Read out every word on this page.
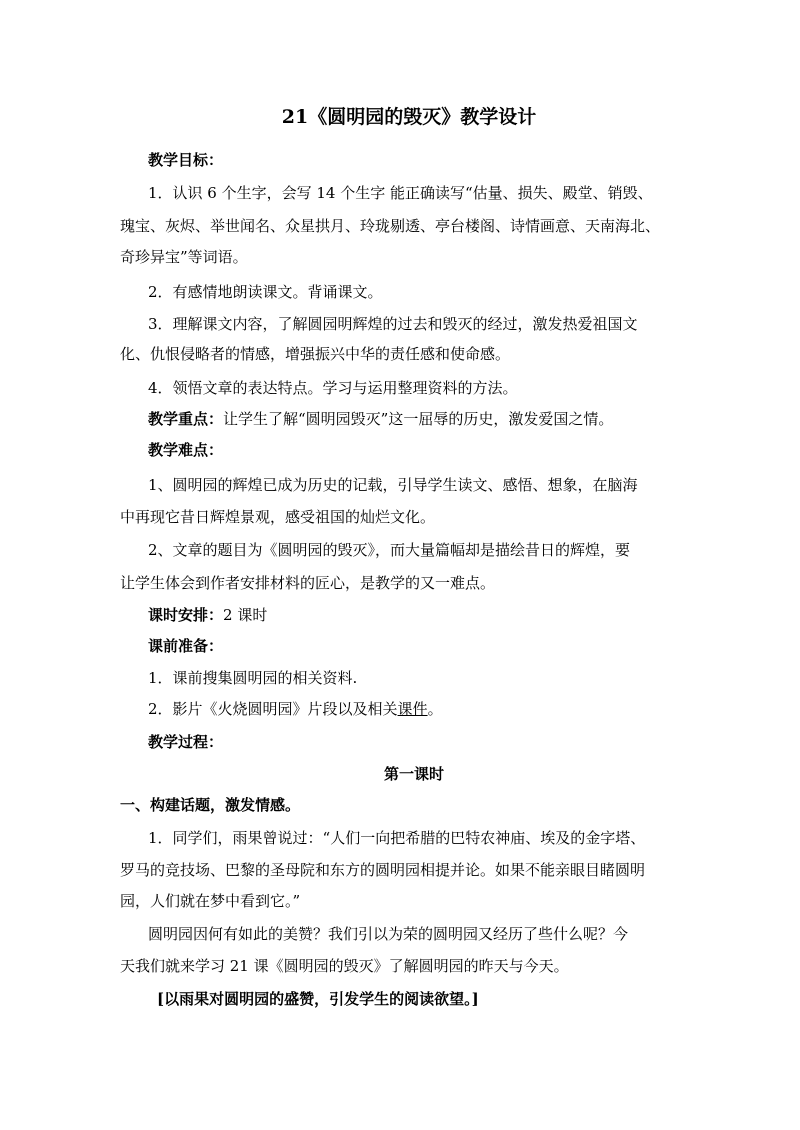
21《圆明园的毁灭》教学设计
教学目标：
1．认识 6 个生字，会写 14 个生字 能正确读写“估量、损失、殿堂、销毁、
瑰宝、灰烬、举世闻名、众星拱月、玲珑剔透、亭台楼阁、诗情画意、天南海北、
奇珍异宝”等词语。
2．有感情地朗读课文。背诵课文。
3．理解课文内容，了解圆园明辉煌的过去和毁灭的经过，激发热爱祖国文
化、仇恨侵略者的情感，增强振兴中华的责任感和使命感。
4．领悟文章的表达特点。学习与运用整理资料的方法。
教学重点：让学生了解“圆明园毁灭”这一屈辱的历史，激发爱国之情。
教学难点：
1、圆明园的辉煌已成为历史的记载，引导学生读文、感悟、想象，在脑海
中再现它昔日辉煌景观，感受祖国的灿烂文化。
2、文章的题目为《圆明园的毁灭》，而大量篇幅却是描绘昔日的辉煌，要
让学生体会到作者安排材料的匠心，是教学的又一难点。
课时安排：2 课时
课前准备：
1．课前搜集圆明园的相关资料.
2．影片《火烧圆明园》片段以及相关课件。
教学过程：
第一课时
一、构建话题，激发情感。
1．同学们，雨果曾说过：“人们一向把希腊的巴特农神庙、埃及的金字塔、
罗马的竞技场、巴黎的圣母院和东方的圆明园相提并论。如果不能亲眼目睹圆明
园，人们就在梦中看到它。”
圆明园因何有如此的美赞？我们引以为荣的圆明园又经历了些什么呢？今
天我们就来学习 21 课《圆明园的毁灭》了解圆明园的昨天与今天。
[以雨果对圆明园的盛赞，引发学生的阅读欲望。]
